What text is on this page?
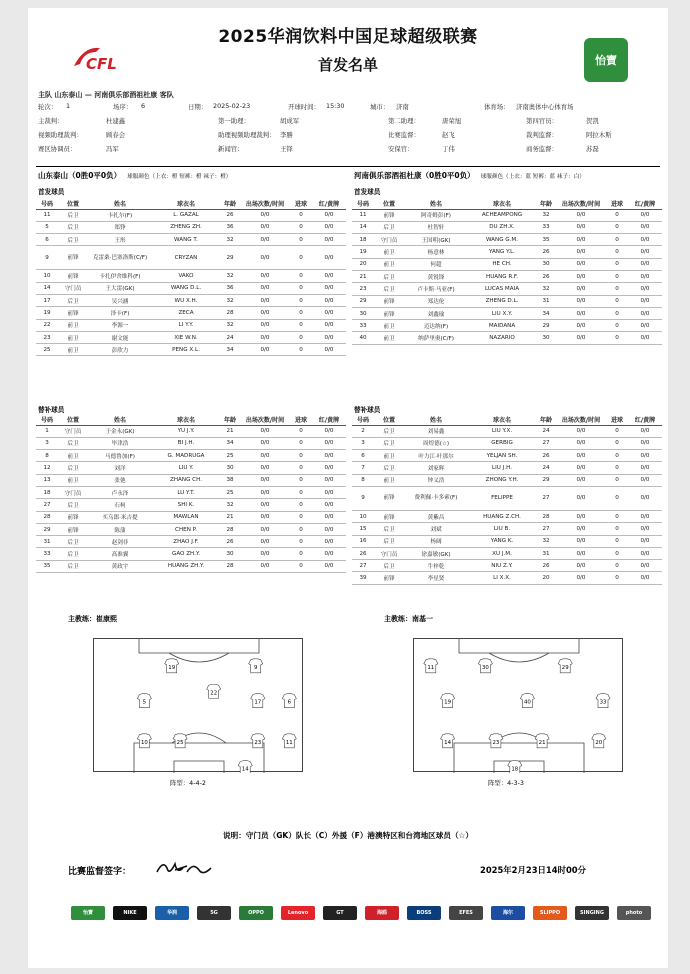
CFL	怡寶
2025华润饮料中国足球超级联赛
首发名单
主队 山东泰山 — 河南俱乐部酒祖杜康 客队
轮次： 1	场序： 6	日期： 2025-02-23	开球时间： 15:30	城市： 济南	体育场： 济南奥体中心体育场
主裁判：	杜建鑫	第一助理：	胡成军	第二助理：	唐荣旭	第四官员：	贺凯
视频助理裁判：	顾春会	助理视频助理裁判： 李勝	比赛监督：	赵飞	裁判监督：	阿拉木斯
赛区协调员：	冯军	新闻官：	王铎	安保官：	丁伟	商务监督：	苏磊
山东泰山（0胜0平0负） 球服颜色（上衣：橙 短裤：橙 袜子：橙）
首发球员
号码	位置	姓名	球衣名	年龄	出场次数/时间	进球	红/黄牌
11	后卫	卡扎尔(F)	L. GAZAL	26	0/0	0	0/0
5	后卫	郑铮	ZHENG ZH.	36	0/0	0	0/0
6	后卫	王彤	WANG T.	32	0/0	0	0/0
9	前锋	克雷桑·巴塞洛斯(C/F)	CRYZAN	29	0/0	0	0/0
10	前锋	卡扎伊舍维科(F)	VAKO	32	0/0	0	0/0
14	守门员	王大雷(GK)	WANG D.L.	36	0/0	0	0/0
17	后卫	吴兴涵	WU X.H.	32	0/0	0	0/0
19	前锋	泽卡(F)	ZECA	28	0/0	0	0/0
22	前卫	李源一	LI Y.Y.	32	0/0	0	0/0
23	前卫	谢文能	XIE W.N.	24	0/0	0	0/0
25	前卫	彭欣力	PENG X.L.	34	0/0	0	0/0
替补球员
号码	位置	姓名	球衣名	年龄	出场次数/时间	进球	红/黄牌
1	守门员	于金永(GK)	YU J.Y.	21	0/0	0	0/0
3	后卫	毕津浩	BI J.H.	34	0/0	0	0/0
8	前卫	马德鲁加(F)	G. MADRUGA	25	0/0	0	0/0
12	后卫	刘洋	LIU Y.	30	0/0	0	0/0
13	前卫	张弛	ZHANG CH.	38	0/0	0	0/0
18	守门员	卢永泽	LU Y.T.	25	0/0	0	0/0
27	后卫	石柯	SHI K.	32	0/0	0	0/0
28	前锋	买乌郎·米吉提	MAWLAN	21	0/0	0	0/0
29	前锋	陈蒲	CHEN P.	28	0/0	0	0/0
31	后卫	赵剑非	ZHAO J.F.	26	0/0	0	0/0
33	后卫	高准翼	GAO ZH.Y.	30	0/0	0	0/0
35	后卫	黄政宇	HUANG ZH.Y.	28	0/0	0	0/0
河南俱乐部酒祖杜康（0胜0平0负） 球服颜色（上衣：蓝 短裤：蓝 袜子：白）
首发球员
号码	位置	姓名	球衣名	年龄	出场次数/时间	进球	红/黄牌
11	前锋	阿奇姆彭(F)	ACHEAMPONG	32	0/0	0	0/0
14	后卫	杜智轩	DU ZH.X.	33	0/0	0	0/0
18	守门员	王国明(GK)	WANG G.M.	35	0/0	0	0/0
19	前卫	杨意林	YANG Y.L.	26	0/0	0	0/0
20	前卫	何超	HE CH.	30	0/0	0	0/0
21	后卫	黄锐锋	HUANG R.F.	26	0/0	0	0/0
23	后卫	卢卡斯·马亚(F)	LUCAS MAIA	32	0/0	0	0/0
29	前锋	郑达伦	ZHENG D.L.	31	0/0	0	0/0
30	前锋	刘鑫瑜	LIU X.Y.	34	0/0	0	0/0
33	前卫	迈达纳(F)	MAIDANA	29	0/0	0	0/0
40	前卫	纳萨里奥(C/F)	NAZARIO	30	0/0	0	0/0
替补球员
号码	位置	姓名	球衣名	年龄	出场次数/时间	进球	红/黄牌
2	后卫	刘易鑫	LIU Y.X.	24	0/0	0	0/0
3	后卫	周煌德(☆)	GERBIG	27	0/0	0	0/0
6	前卫	叶力江·叶那尔	YELJAN SH.	26	0/0	0	0/0
7	后卫	刘家辉	LIU J.H.	24	0/0	0	0/0
8	前卫	钟义浩	ZHONG Y.H.	29	0/0	0	0/0
9	前锋	费利佩·卡多索(F)	FELIPPE	27	0/0	0	0/0
10	前锋	黄紫昌	HUANG Z.CH.	28	0/0	0	0/0
15	后卫	刘斌	LIU B.	27	0/0	0	0/0
16	后卫	杨阔	YANG K.	32	0/0	0	0/0
26	守门员	徐嘉敏(GK)	XU J.M.	31	0/0	0	0/0
27	后卫	牛梓乾	NIU Z.Y.	26	0/0	0	0/0
39	前锋	李星贤	LI X.X.	20	0/0	0	0/0
主教练：崔康熙	主教练：南基一
19	9
5
22
17	6
10	25	23	11
14
11	30	29
19	40	33
14	23	21	20
18
阵型：4-4-2	阵型：4-3-3
说明：守门员（GK）队长（C）外援（F）港澳特区和台湾地区球员（☆）
比赛监督签字：	2025年2月23日14时00分
怡寶	NIKE	华润	5G	OPPO	Lenovo	GT	海鸥	BOSS	EFES	海尔	SLIPPO	SINGING	photo
